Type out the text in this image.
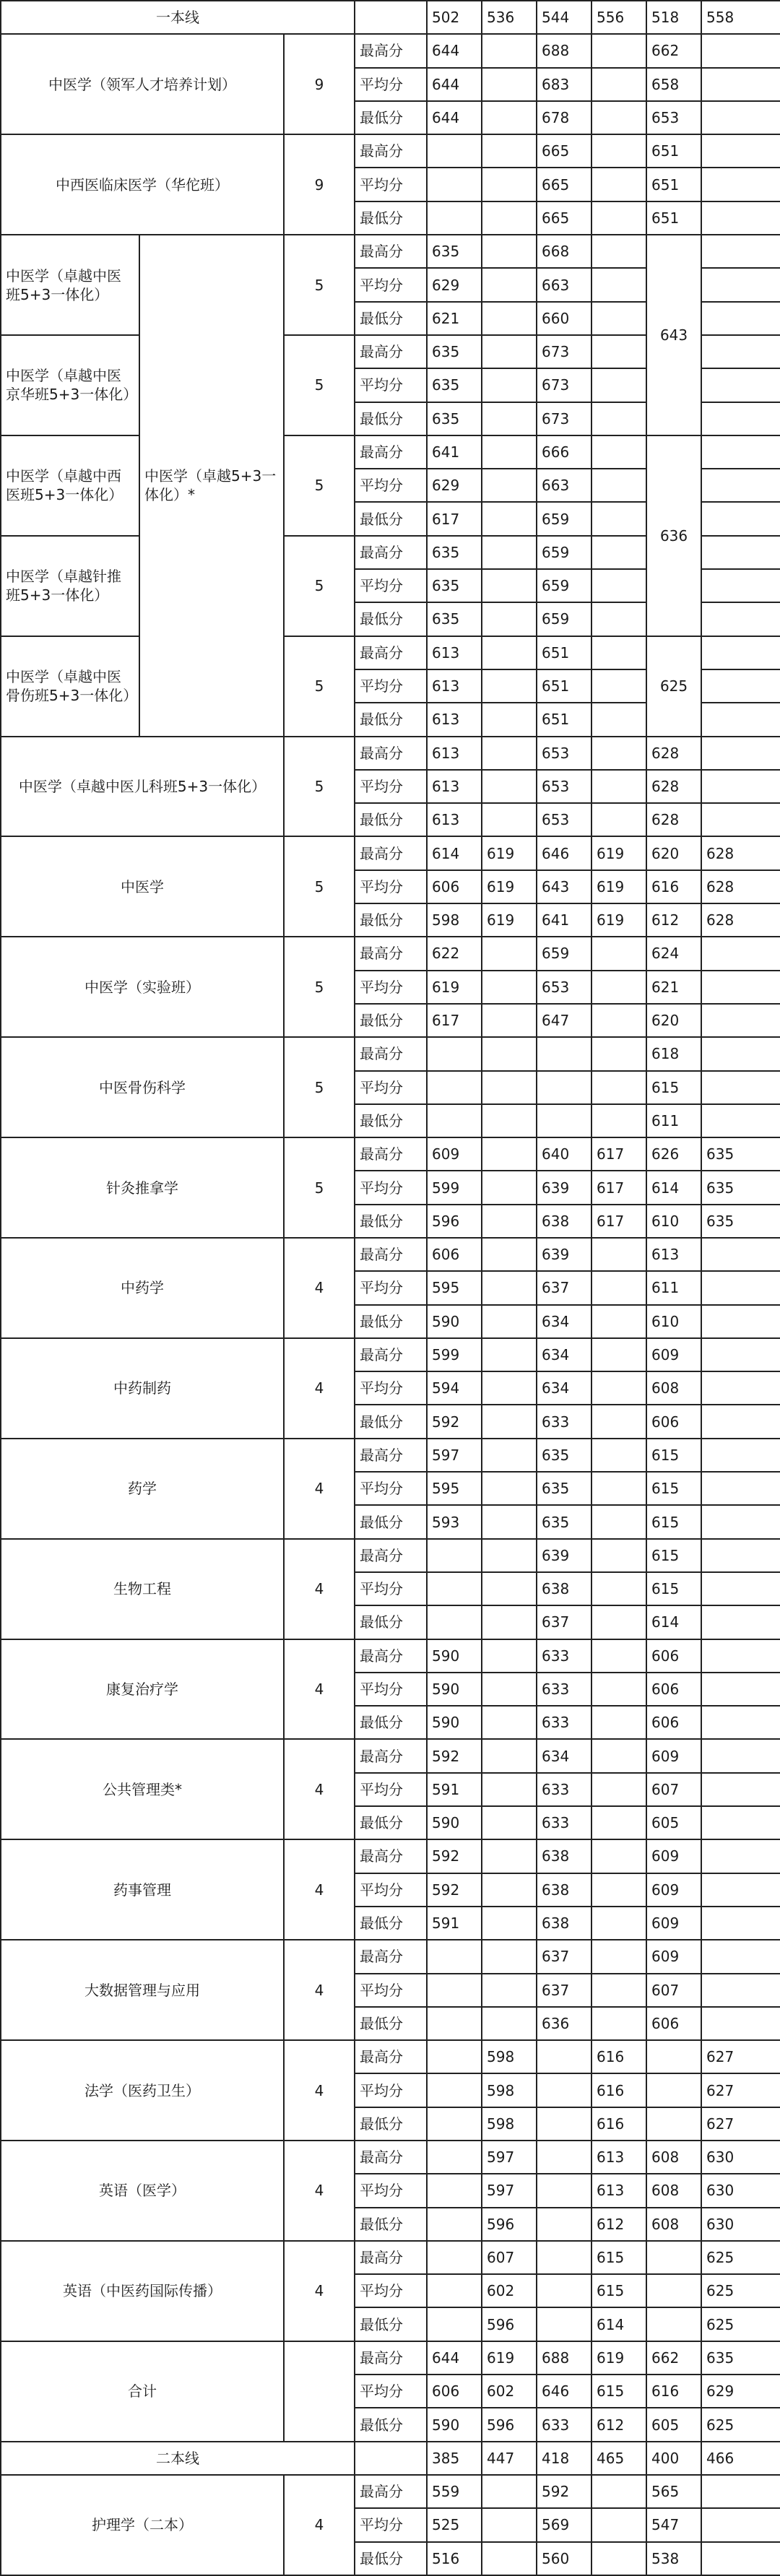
一本线				502	536	544	556	518	558
中医学（领军人才培养计划）		9	最高分	644		688		662	
			平均分	644		683		658	
			最低分	644		678		653	
中西医临床医学（华佗班）		9	最高分			665		651	
			平均分			665		651	
			最低分			665		651	
中医学（卓越中医班5+3一体化）	中医学（卓越5+3一体化）*	5	最高分	635		668		643	
			平均分	629		663			
			最低分	621		660			
中医学（卓越中医京华班5+3一体化）		5	最高分	635		673			
			平均分	635		673			
			最低分	635		673			
中医学（卓越中西医班5+3一体化）		5	最高分	641		666		636	
			平均分	629		663			
			最低分	617		659			
中医学（卓越针推班5+3一体化）		5	最高分	635		659			
			平均分	635		659			
			最低分	635		659			
中医学（卓越中医骨伤班5+3一体化）		5	最高分	613		651		625	
			平均分	613		651			
			最低分	613		651			
中医学（卓越中医儿科班5+3一体化）		5	最高分	613		653		628	
			平均分	613		653		628	
			最低分	613		653		628	
中医学		5	最高分	614	619	646	619	620	628
			平均分	606	619	643	619	616	628
			最低分	598	619	641	619	612	628
中医学（实验班）		5	最高分	622		659		624	
			平均分	619		653		621	
			最低分	617		647		620	
中医骨伤科学		5	最高分					618	
			平均分					615	
			最低分					611	
针灸推拿学		5	最高分	609		640	617	626	635
			平均分	599		639	617	614	635
			最低分	596		638	617	610	635
中药学		4	最高分	606		639		613	
			平均分	595		637		611	
			最低分	590		634		610	
中药制药		4	最高分	599		634		609	
			平均分	594		634		608	
			最低分	592		633		606	
药学		4	最高分	597		635		615	
			平均分	595		635		615	
			最低分	593		635		615	
生物工程		4	最高分			639		615	
			平均分			638		615	
			最低分			637		614	
康复治疗学		4	最高分	590		633		606	
			平均分	590		633		606	
			最低分	590		633		606	
公共管理类*		4	最高分	592		634		609	
			平均分	591		633		607	
			最低分	590		633		605	
药事管理		4	最高分	592		638		609	
			平均分	592		638		609	
			最低分	591		638		609	
大数据管理与应用		4	最高分			637		609	
			平均分			637		607	
			最低分			636		606	
法学（医药卫生）		4	最高分		598		616		627
			平均分		598		616		627
			最低分		598		616		627
英语（医学）		4	最高分		597		613	608	630
			平均分		597		613	608	630
			最低分		596		612	608	630
英语（中医药国际传播）		4	最高分		607		615		625
			平均分		602		615		625
			最低分		596		614		625
合计			最高分	644	619	688	619	662	635
			平均分	606	602	646	615	616	629
			最低分	590	596	633	612	605	625
二本线				385	447	418	465	400	466
护理学（二本）		4	最高分	559		592		565	
			平均分	525		569		547	
			最低分	516		560		538	
